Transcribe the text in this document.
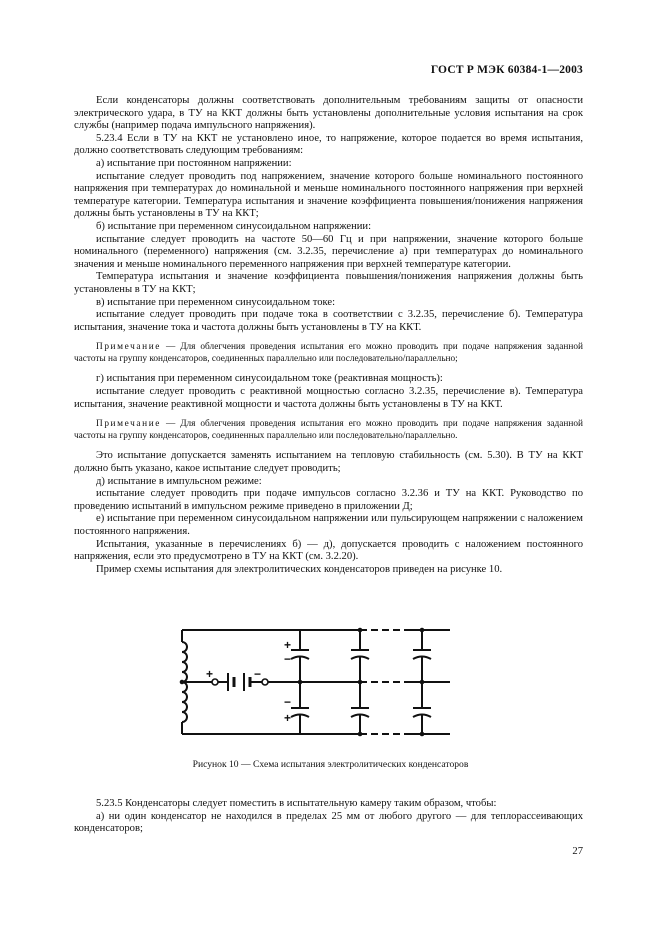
ГОСТ Р МЭК 60384-1—2003

Если конденсаторы должны соответствовать дополнительным требованиям защиты от опасности электрического удара, в ТУ на ККТ должны быть установлены дополнительные условия испытания на срок службы (например подача импульсного напряжения).

5.23.4 Если в ТУ на ККТ не установлено иное, то напряжение, которое подается во время испытания, должно соответствовать следующим требованиям:

а) испытание при постоянном напряжении:

испытание следует проводить под напряжением, значение которого больше номинального постоянного напряжения при температурах до номинальной и меньше номинального постоянного напряжения при верхней температуре категории. Температура испытания и значение коэффициента повышения/понижения напряжения должны быть установлены в ТУ на ККТ;

б) испытание при переменном синусоидальном напряжении:

испытание следует проводить на частоте 50—60 Гц и при напряжении, значение которого больше номинального (переменного) напряжения (см. 3.2.35, перечисление а) при температурах до номинального значения и меньше номинального переменного напряжения при верхней температуре категории.

Температура испытания и значение коэффициента повышения/понижения напряжения должны быть установлены в ТУ на ККТ;

в) испытание при переменном синусоидальном токе:

испытание следует проводить при подаче тока в соответствии с 3.2.35, перечисление б). Температура испытания, значение тока и частота должны быть установлены в ТУ на ККТ.

Примечание — Для облегчения проведения испытания его можно проводить при подаче напряжения заданной частоты на группу конденсаторов, соединенных параллельно или последовательно/параллельно;

г) испытания при переменном синусоидальном токе (реактивная мощность):

испытание следует проводить с реактивной мощностью согласно 3.2.35, перечисление в). Температура испытания, значение реактивной мощности и частота должны быть установлены в ТУ на ККТ.

Примечание — Для облегчения проведения испытания его можно проводить при подаче напряжения заданной частоты на группу конденсаторов, соединенных параллельно или последовательно/параллельно.

Это испытание допускается заменять испытанием на тепловую стабильность (см. 5.30). В ТУ на ККТ должно быть указано, какое испытание следует проводить;

д) испытание в импульсном режиме:

испытание следует проводить при подаче импульсов согласно 3.2.36 и ТУ на ККТ. Руководство по проведению испытаний в импульсном режиме приведено в приложении Д;

е) испытание при переменном синусоидальном напряжении или пульсирующем напряжении с наложением постоянного напряжения.

Испытания, указанные в перечислениях б) — д), допускается проводить с наложением постоянного напряжения, если это предусмотрено в ТУ на ККТ (см. 3.2.20).

Пример схемы испытания для электролитических конденсаторов приведен на рисунке 10.

+	−
+
−
−
+
Рисунок 10 — Схема испытания электролитических конденсаторов

5.23.5 Конденсаторы следует поместить в испытательную камеру таким образом, чтобы:

а) ни один конденсатор не находился в пределах 25 мм от любого другого — для теплорассеивающих конденсаторов;

27
